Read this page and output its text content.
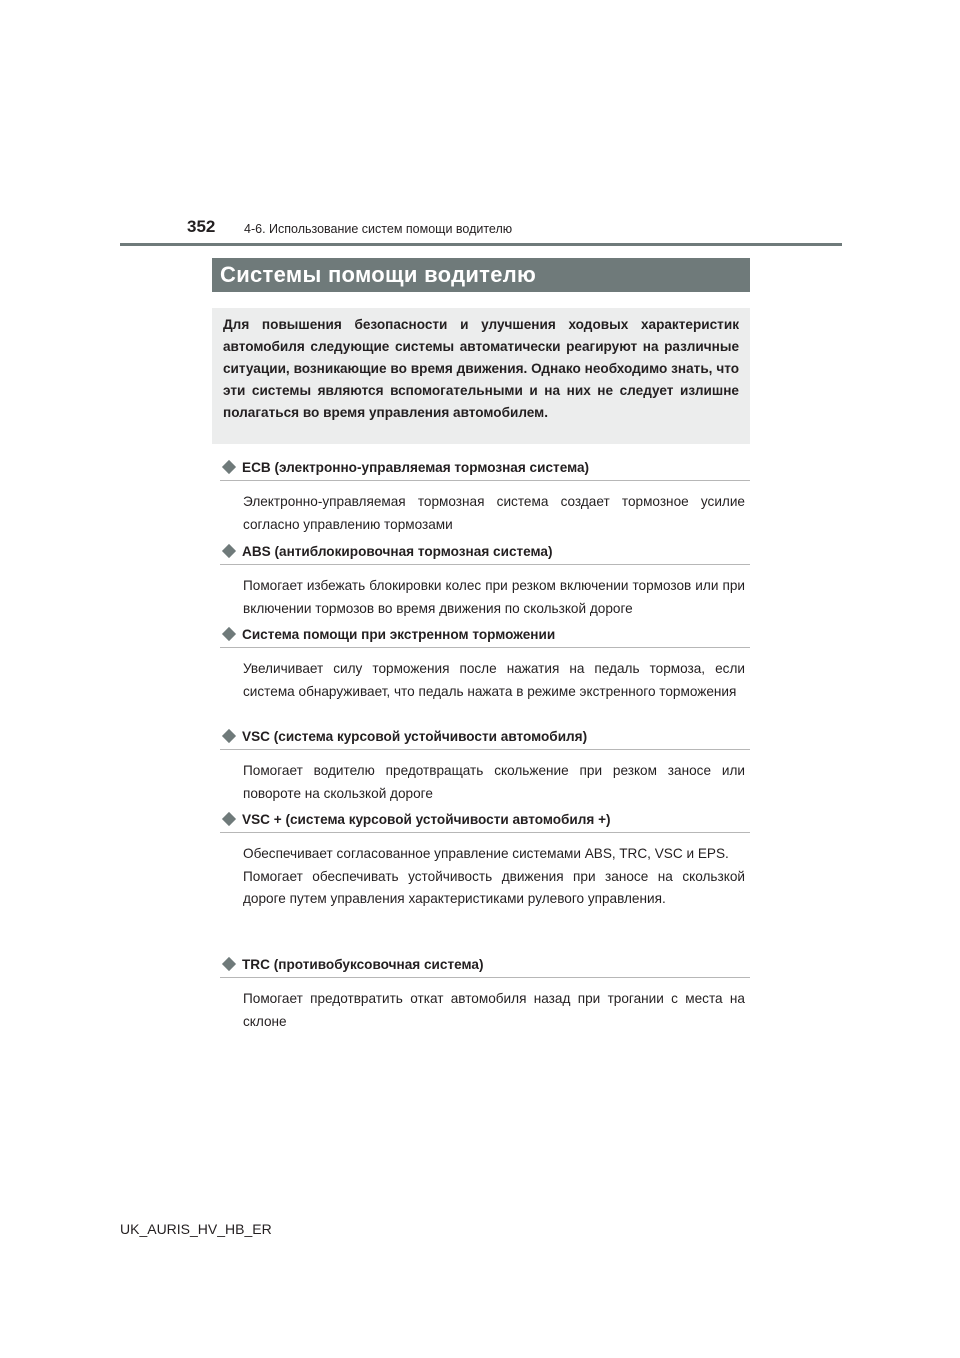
352 4-6. Использование систем помощи водителю
Системы помощи водителю

Для повышения безопасности и улучшения ходовых характеристик автомобиля следующие системы автоматически реагируют на различные ситуации, возникающие во время движения. Однако необходимо знать, что эти системы являются вспомогательными и на них не следует излишне полагаться во время управления автомобилем.

ECB (электронно-управляемая тормозная система)
Электронно-управляемая тормозная система создает тормозное усилие согласно управлению тормозами
ABS (антиблокировочная тормозная система)
Помогает избежать блокировки колес при резком включении тормозов или при включении тормозов во время движения по скользкой дороге
Система помощи при экстренном торможении
Увеличивает силу торможения после нажатия на педаль тормоза, если система обнаруживает, что педаль нажата в режиме экстренного торможения
VSC (система курсовой устойчивости автомобиля)
Помогает водителю предотвращать скольжение при резком заносе или повороте на скользкой дороге
VSC + (система курсовой устойчивости автомобиля +)
Обеспечивает согласованное управление системами ABS, TRC, VSC и EPS.
Помогает обеспечивать устойчивость движения при заносе на скользкой дороге путем управления характеристиками рулевого управления.
TRC (противобуксовочная система)
Помогает предотвратить откат автомобиля назад при трогании с места на склоне
UK_AURIS_HV_HB_ER
